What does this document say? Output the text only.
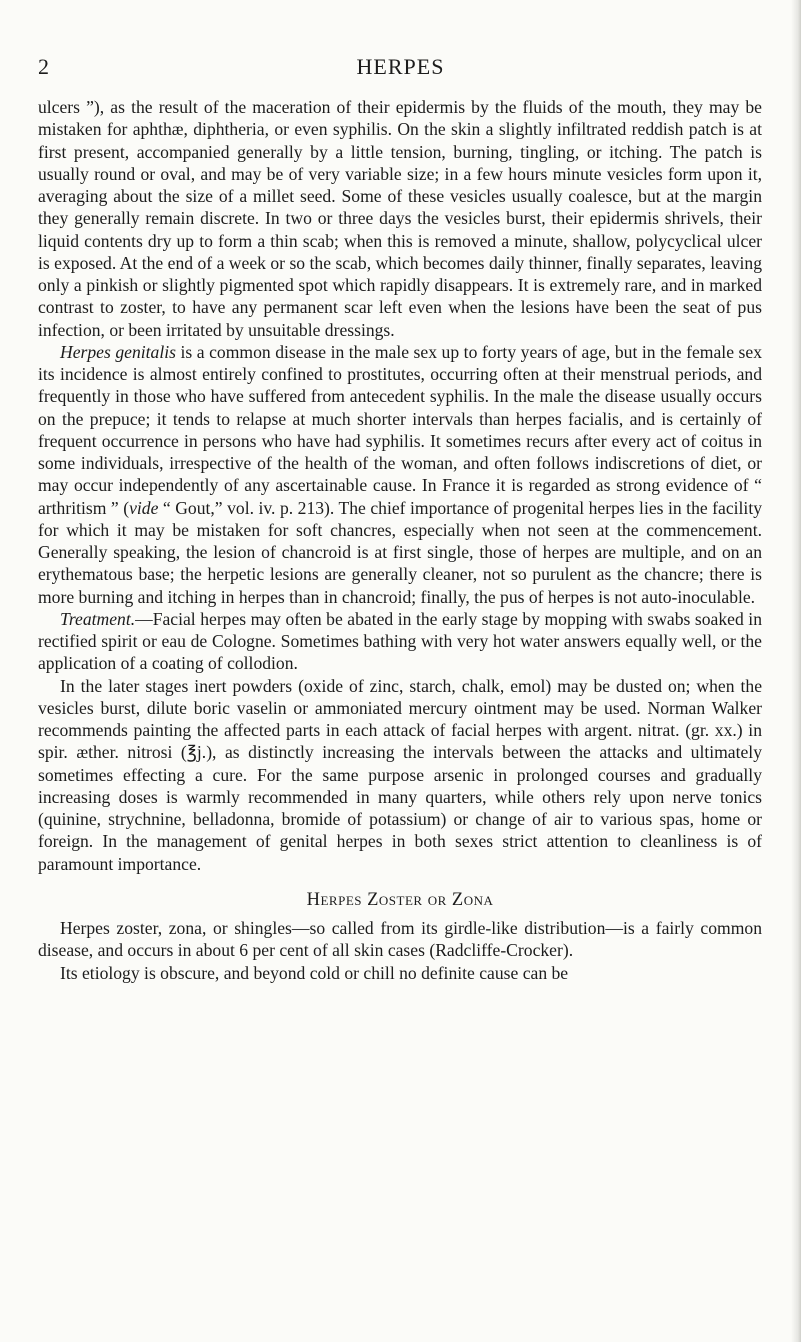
2	HERPES

ulcers ”), as the result of the maceration of their epidermis by the fluids of the mouth, they may be mistaken for aphthæ, diphtheria, or even syphilis. On the skin a slightly infiltrated reddish patch is at first present, accompanied generally by a little tension, burning, tingling, or itching. The patch is usually round or oval, and may be of very variable size; in a few hours minute vesicles form upon it, averaging about the size of a millet seed. Some of these vesicles usually coalesce, but at the margin they generally remain discrete. In two or three days the vesicles burst, their epidermis shrivels, their liquid contents dry up to form a thin scab; when this is removed a minute, shallow, polycyclical ulcer is exposed. At the end of a week or so the scab, which becomes daily thinner, finally separates, leaving only a pinkish or slightly pigmented spot which rapidly disappears. It is extremely rare, and in marked contrast to zoster, to have any permanent scar left even when the lesions have been the seat of pus infection, or been irritated by unsuitable dressings.

Herpes genitalis is a common disease in the male sex up to forty years of age, but in the female sex its incidence is almost entirely confined to prostitutes, occurring often at their menstrual periods, and frequently in those who have suffered from antecedent syphilis. In the male the disease usually occurs on the prepuce; it tends to relapse at much shorter intervals than herpes facialis, and is certainly of frequent occurrence in persons who have had syphilis. It sometimes recurs after every act of coitus in some individuals, irrespective of the health of the woman, and often follows indiscretions of diet, or may occur independently of any ascertainable cause. In France it is regarded as strong evidence of “ arthritism ” (vide “ Gout,” vol. iv. p. 213). The chief importance of progenital herpes lies in the facility for which it may be mistaken for soft chancres, especially when not seen at the commencement. Generally speaking, the lesion of chancroid is at first single, those of herpes are multiple, and on an erythematous base; the herpetic lesions are generally cleaner, not so purulent as the chancre; there is more burning and itching in herpes than in chancroid; finally, the pus of herpes is not auto-inoculable.

Treatment.—Facial herpes may often be abated in the early stage by mopping with swabs soaked in rectified spirit or eau de Cologne. Sometimes bathing with very hot water answers equally well, or the application of a coating of collodion.

In the later stages inert powders (oxide of zinc, starch, chalk, emol) may be dusted on; when the vesicles burst, dilute boric vaselin or ammoniated mercury ointment may be used. Norman Walker recommends painting the affected parts in each attack of facial herpes with argent. nitrat. (gr. xx.) in spir. æther. nitrosi (℥j.), as distinctly increasing the intervals between the attacks and ultimately sometimes effecting a cure. For the same purpose arsenic in prolonged courses and gradually increasing doses is warmly recommended in many quarters, while others rely upon nerve tonics (quinine, strychnine, belladonna, bromide of potassium) or change of air to various spas, home or foreign. In the management of genital herpes in both sexes strict attention to cleanliness is of paramount importance.

Herpes Zoster or Zona

Herpes zoster, zona, or shingles—so called from its girdle-like distribution—is a fairly common disease, and occurs in about 6 per cent of all skin cases (Radcliffe-Crocker).

Its etiology is obscure, and beyond cold or chill no definite cause can be
